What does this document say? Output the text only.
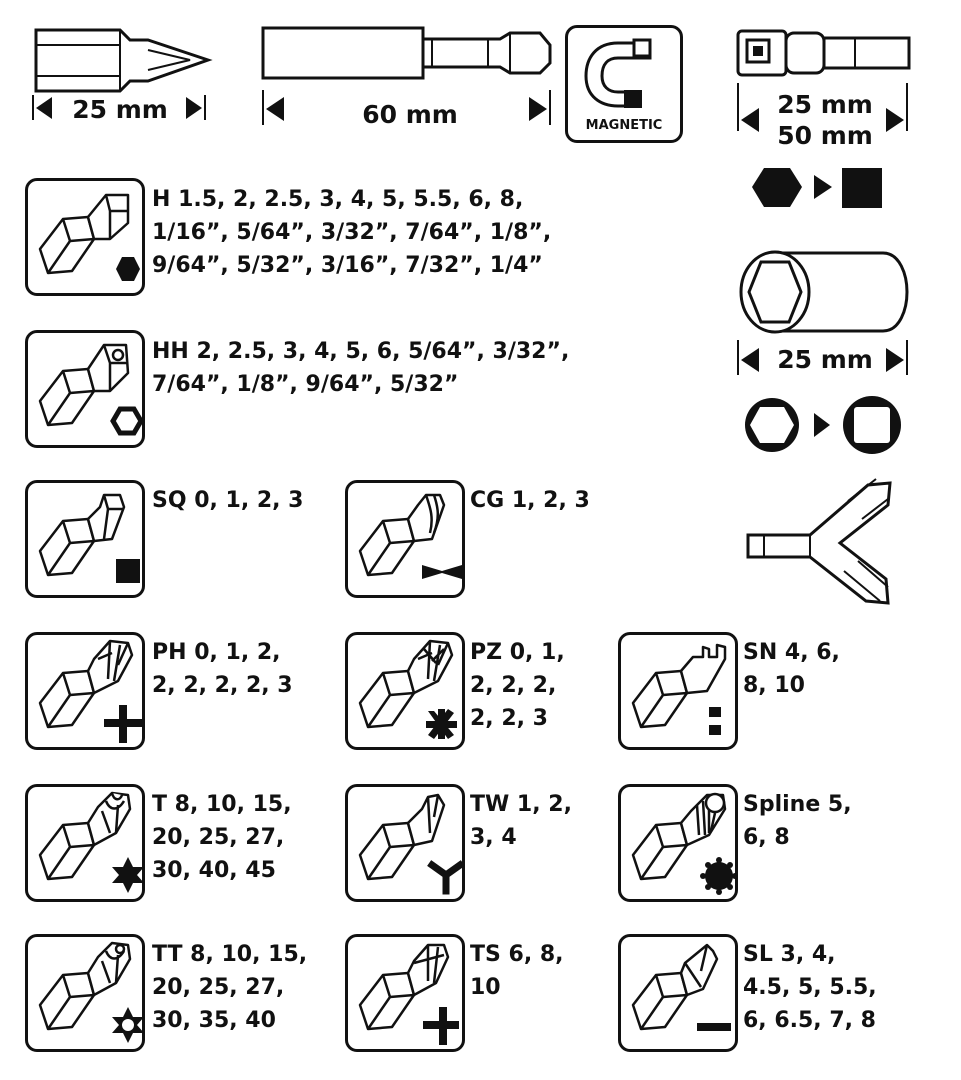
25 mm	60 mm	MAGNETIC
25 mm
50 mm
25 mm
H 1.5, 2, 2.5, 3, 4, 5, 5.5, 6, 8,
1/16”, 5/64”, 3/32”, 7/64”, 1/8”,
9/64”, 5/32”, 3/16”, 7/32”, 1/4”
HH 2, 2.5, 3, 4, 5, 6, 5/64”, 3/32”,
7/64”, 1/8”, 9/64”, 5/32”
SQ 0, 1, 2, 3	CG 1, 2, 3
PH 0, 1, 2,
2, 2, 2, 2, 3
PZ 0, 1,
2, 2, 2,
2, 2, 3
SN 4, 6,
8, 10
T 8, 10, 15,
20, 25, 27,
30, 40, 45
TW 1, 2,
3, 4
Spline 5,
6, 8
TT 8, 10, 15,
20, 25, 27,
30, 35, 40
TS 6, 8,
10
SL 3, 4,
4.5, 5, 5.5,
6, 6.5, 7, 8
